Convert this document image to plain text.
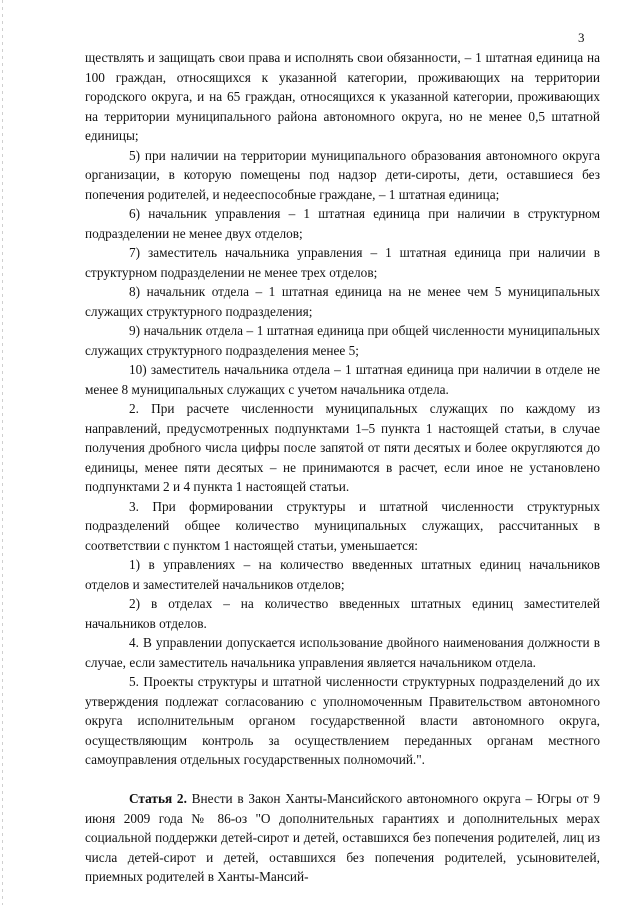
3

ществлять и защищать свои права и исполнять свои обязанности, – 1 штатная единица на 100 граждан, относящихся к указанной категории, проживающих на территории городского округа, и на 65 граждан, относящихся к указанной категории, проживающих на территории муниципального района автономного округа, но не менее 0,5 штатной единицы;

5) при наличии на территории муниципального образования автономного округа организации, в которую помещены под надзор дети-сироты, дети, оставшиеся без попечения родителей, и недееспособные граждане, – 1 штатная единица;

6) начальник управления – 1 штатная единица при наличии в структурном подразделении не менее двух отделов;

7) заместитель начальника управления – 1 штатная единица при наличии в структурном подразделении не менее трех отделов;

8) начальник отдела – 1 штатная единица на не менее чем 5 муниципальных служащих структурного подразделения;

9) начальник отдела – 1 штатная единица при общей численности муниципальных служащих структурного подразделения менее 5;

10) заместитель начальника отдела – 1 штатная единица при наличии в отделе не менее 8 муниципальных служащих с учетом начальника отдела.

2. При расчете численности муниципальных служащих по каждому из направлений, предусмотренных подпунктами 1–5 пункта 1 настоящей статьи, в случае получения дробного числа цифры после запятой от пяти десятых и более округляются до единицы, менее пяти десятых – не принимаются в расчет, если иное не установлено подпунктами 2 и 4 пункта 1 настоящей статьи.

3. При формировании структуры и штатной численности структурных подразделений общее количество муниципальных служащих, рассчитанных в соответствии с пунктом 1 настоящей статьи, уменьшается:

1) в управлениях – на количество введенных штатных единиц начальников отделов и заместителей начальников отделов;

2) в отделах – на количество введенных штатных единиц заместителей начальников отделов.

4. В управлении допускается использование двойного наименования должности в случае, если заместитель начальника управления является начальником отдела.

5. Проекты структуры и штатной численности структурных подразделений до их утверждения подлежат согласованию с уполномоченным Правительством автономного округа исполнительным органом государственной власти автономного округа, осуществляющим контроль за осуществлением переданных органам местного самоуправления отдельных государственных полномочий.".

Статья 2. Внести в Закон Ханты-Мансийского автономного округа – Югры от 9 июня 2009 года № 86-оз "О дополнительных гарантиях и дополнительных мерах социальной поддержки детей-сирот и детей, оставшихся без попечения родителей, лиц из числа детей-сирот и детей, оставшихся без попечения родителей, усыновителей, приемных родителей в Ханты-Мансий-
